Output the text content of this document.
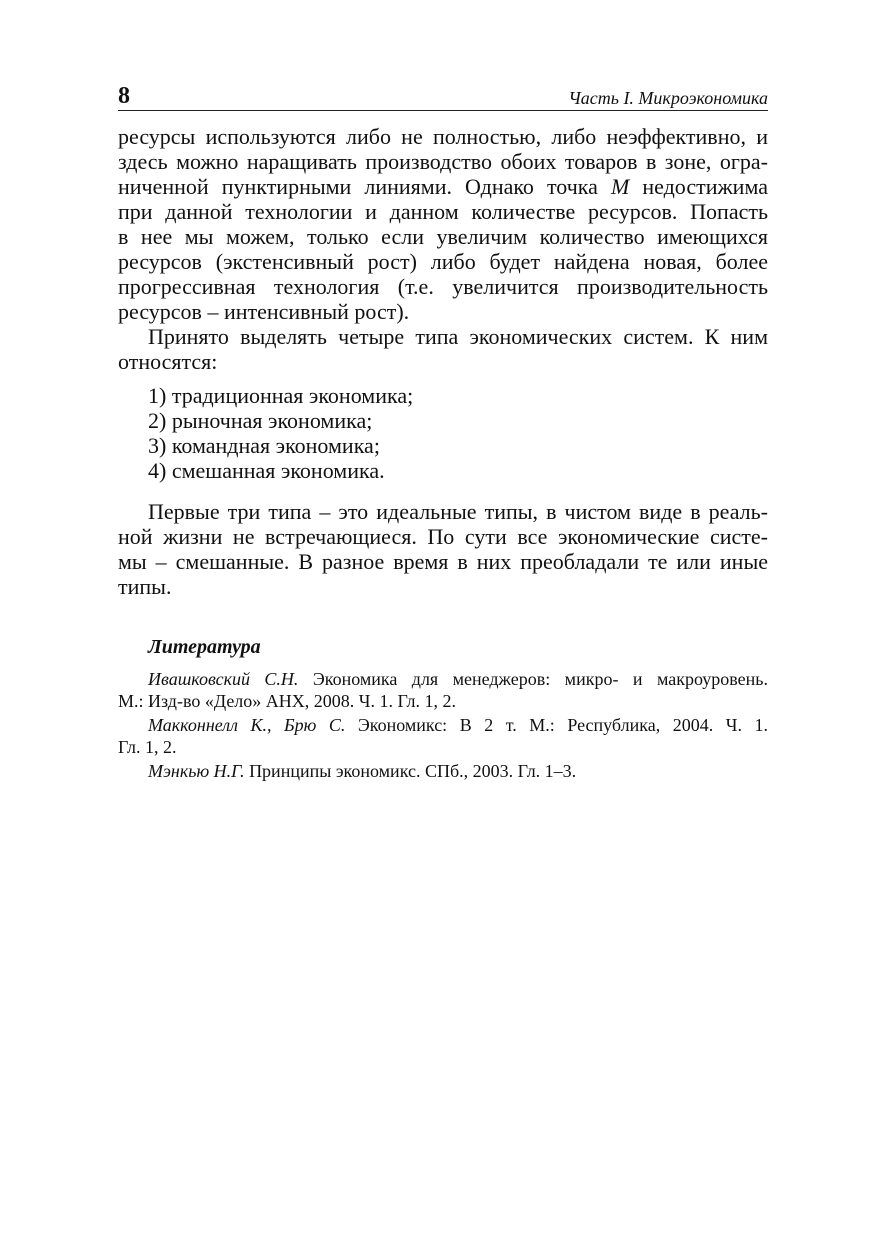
8	Часть I. Микроэкономика

ресурсы используются либо не полностью, либо неэффективно, и
здесь можно наращивать производство обоих товаров в зоне, огра-
ниченной пунктирными линиями. Однако точка M недостижима
при данной технологии и данном количестве ресурсов. Попасть
в нее мы можем, только если увеличим количество имеющихся
ресурсов (экстенсивный рост) либо будет найдена новая, более
прогрессивная технология (т.е. увеличится производительность
ресурсов – интенсивный рост).

Принято выделять четыре типа экономических систем. К ним
относятся:

1) традиционная экономика;
2) рыночная экономика;
3) командная экономика;
4) смешанная экономика.

Первые три типа – это идеальные типы, в чистом виде в реаль-
ной жизни не встречающиеся. По сути все экономические систе-
мы – смешанные. В разное время в них преобладали те или иные
типы.

Литература

Ивашковский С.Н. Экономика для менеджеров: микро- и макроуровень.
М.: Изд-во «Дело» АНХ, 2008. Ч. 1. Гл. 1, 2.

Макконнелл К., Брю С. Экономикс: В 2 т. М.: Республика, 2004. Ч. 1.
Гл. 1, 2.

Мэнкью Н.Г. Принципы экономикс. СПб., 2003. Гл. 1–3.
